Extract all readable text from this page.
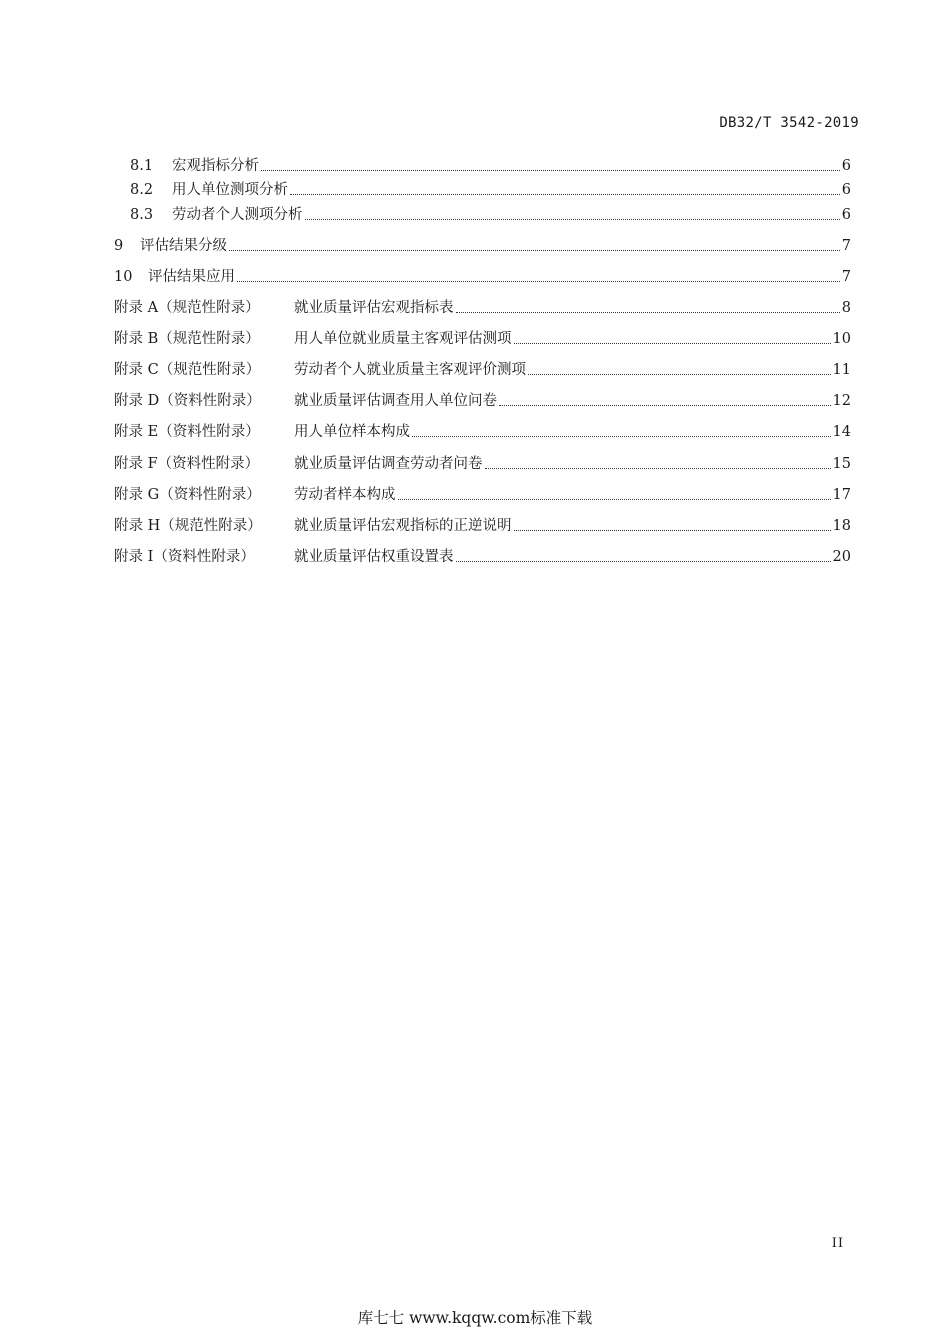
DB32/T 3542-2019
8.1	宏观指标分析	6
8.2	用人单位测项分析	6
8.3	劳动者个人测项分析	6
9	评估结果分级	7
10	评估结果应用	7
附录 A（规范性附录）	就业质量评估宏观指标表	8
附录 B（规范性附录）	用人单位就业质量主客观评估测项	10
附录 C（规范性附录）	劳动者个人就业质量主客观评价测项	11
附录 D（资料性附录）	就业质量评估调查用人单位问卷	12
附录 E（资料性附录）	用人单位样本构成	14
附录 F（资料性附录）	就业质量评估调查劳动者问卷	15
附录 G（资料性附录）	劳动者样本构成	17
附录 H（规范性附录）	就业质量评估宏观指标的正逆说明	18
附录 I（资料性附录）	就业质量评估权重设置表	20
II
库七七 www.kqqw.com标准下载
